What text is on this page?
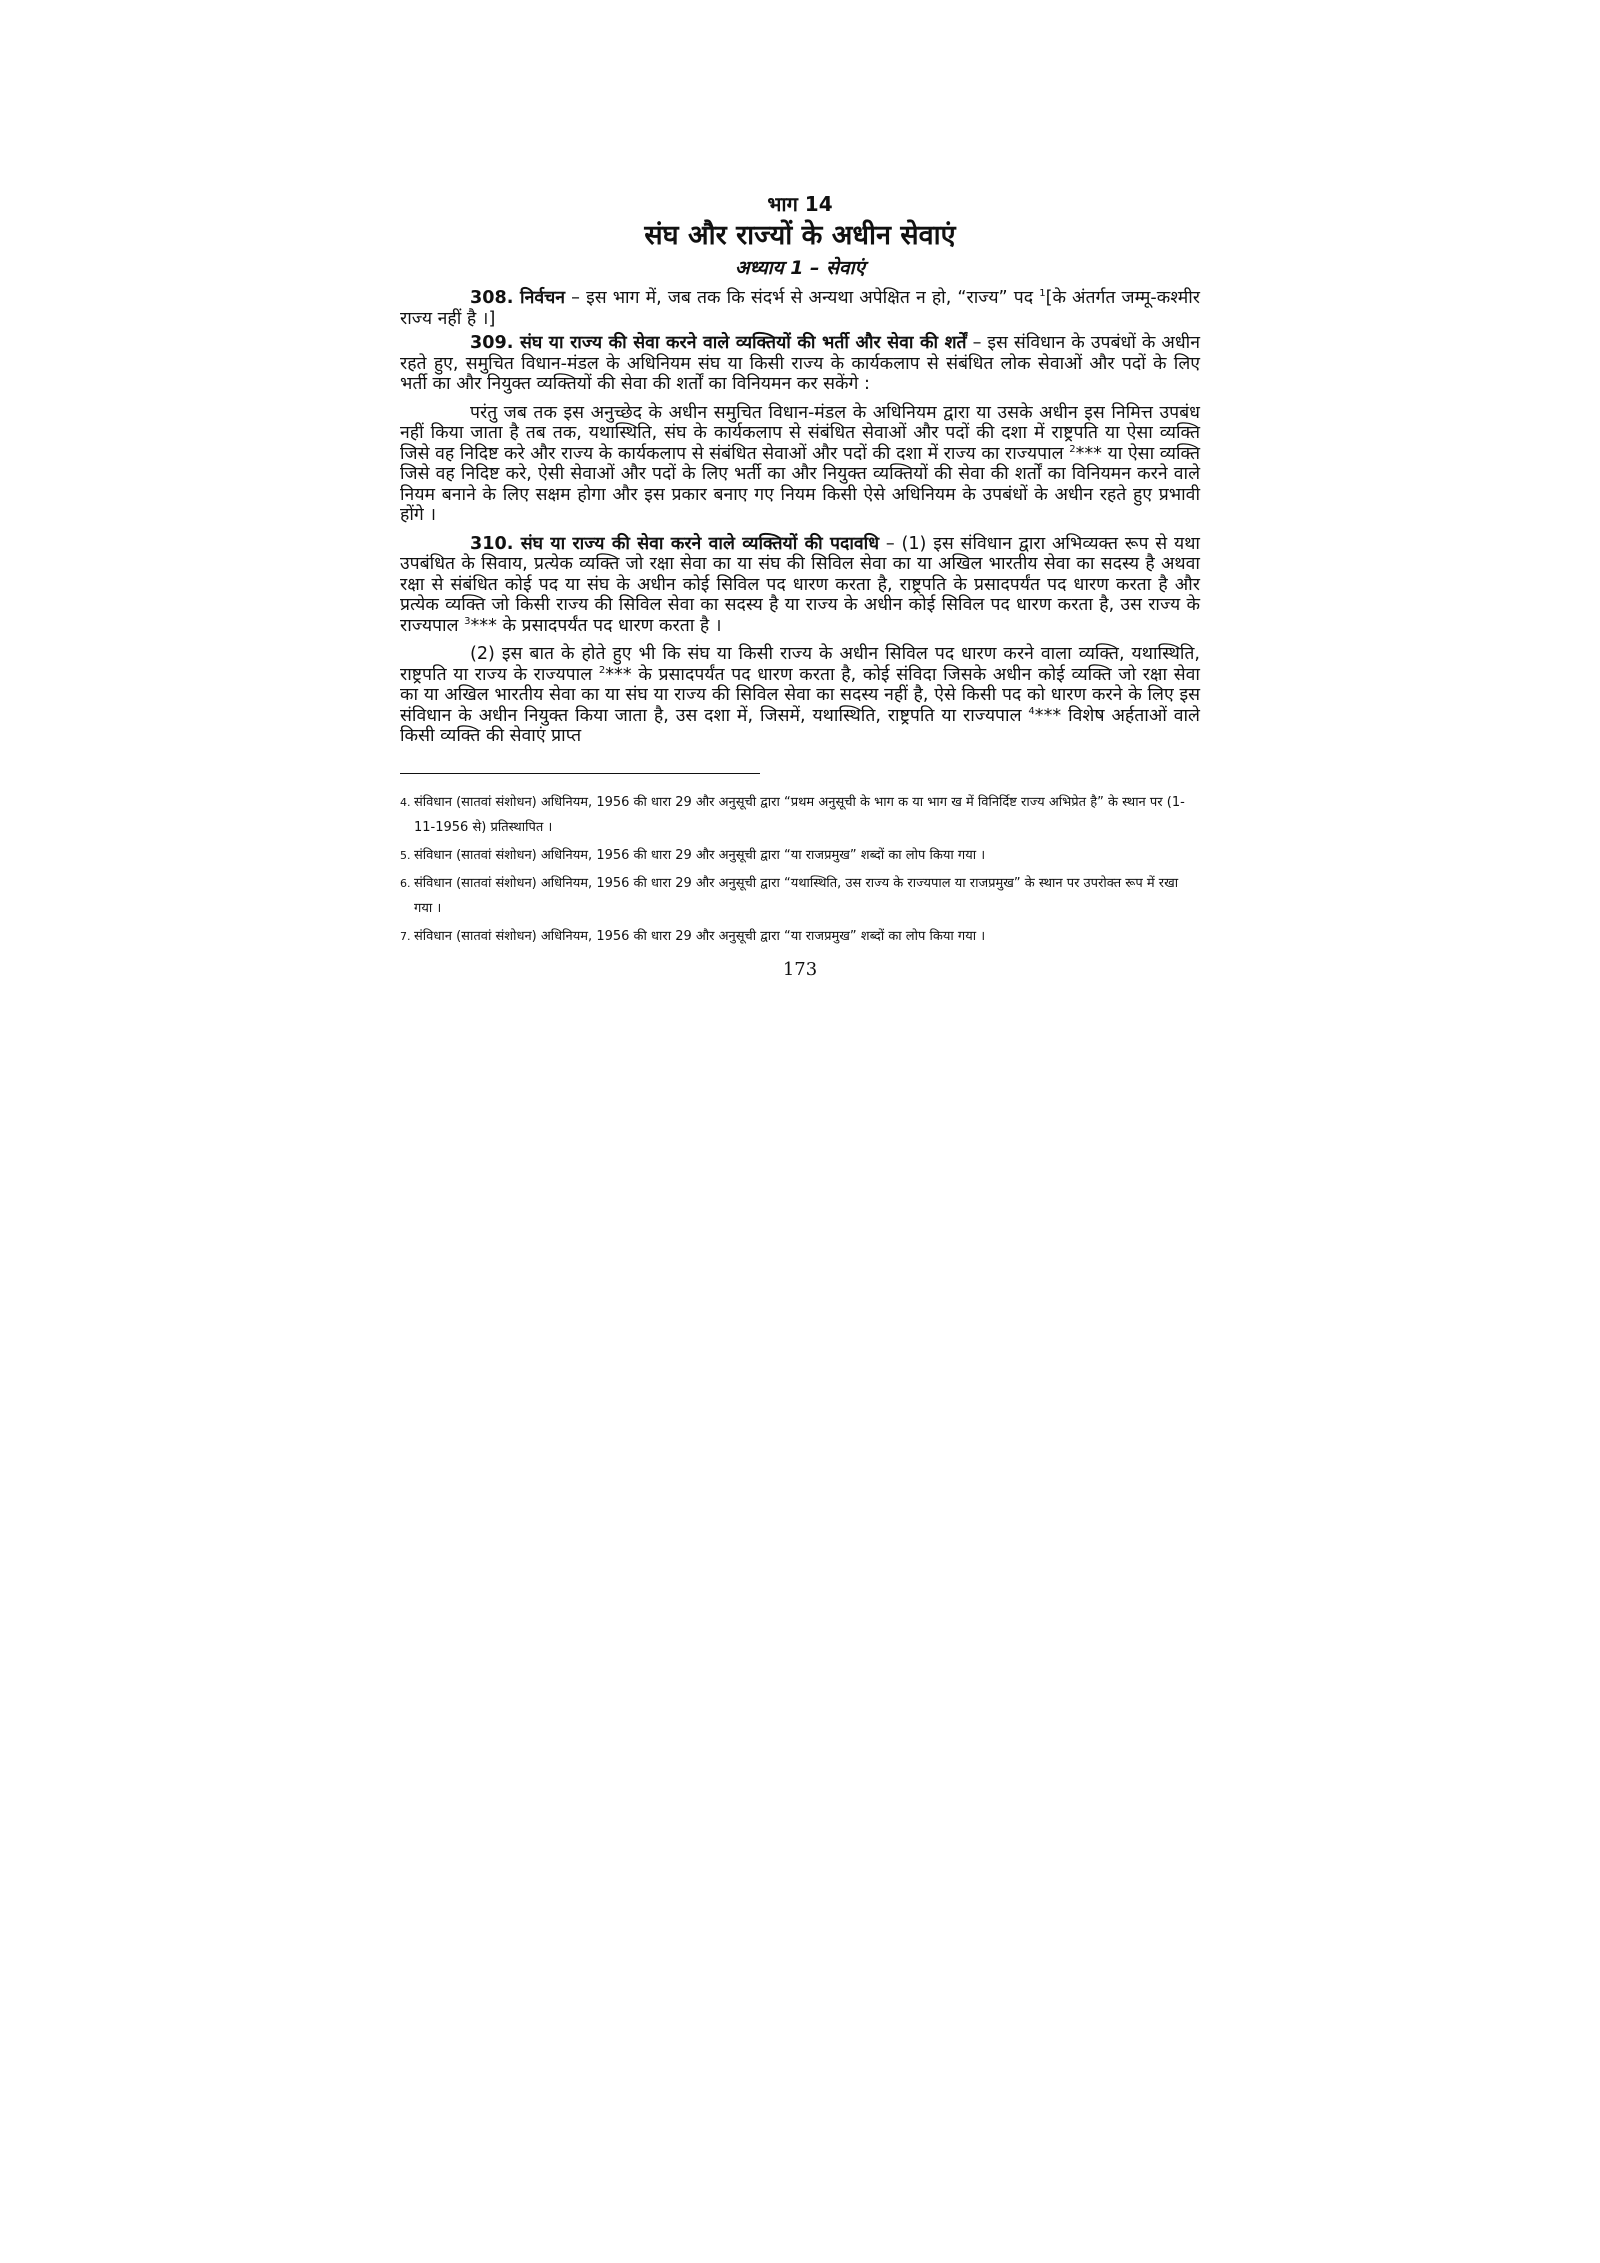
भाग 14

संघ और राज्यों के अधीन सेवाएं

अध्याय 1 – सेवाएं

308. निर्वचन – इस भाग में, जब तक कि संदर्भ से अन्यथा अपेक्षित न हो, “राज्य” पद $^1$[के अंतर्गत जम्मू-कश्मीर राज्य नहीं है ।]

309. संघ या राज्य की सेवा करने वाले व्यक्तियों की भर्ती और सेवा की शर्तें – इस संविधान के उपबंधों के अधीन रहते हुए, समुचित विधान-मंडल के अधिनियम संघ या किसी राज्य के कार्यकलाप से संबंधित लोक सेवाओं और पदों के लिए भर्ती का और नियुक्त व्यक्तियों की सेवा की शर्तों का विनियमन कर सकेंगे :

परंतु जब तक इस अनुच्छेद के अधीन समुचित विधान-मंडल के अधिनियम द्वारा या उसके अधीन इस निमित्त उपबंध नहीं किया जाता है तब तक, यथास्थिति, संघ के कार्यकलाप से संबंधित सेवाओं और पदों की दशा में राष्ट्रपति या ऐसा व्यक्ति जिसे वह निदिष्ट करे और राज्य के कार्यकलाप से संबंधित सेवाओं और पदों की दशा में राज्य का राज्यपाल $^2$*** या ऐसा व्यक्ति जिसे वह निदिष्ट करे, ऐसी सेवाओं और पदों के लिए भर्ती का और नियुक्त व्यक्तियों की सेवा की शर्तों का विनियमन करने वाले नियम बनाने के लिए सक्षम होगा और इस प्रकार बनाए गए नियम किसी ऐसे अधिनियम के उपबंधों के अधीन रहते हुए प्रभावी होंगे ।

310. संघ या राज्य की सेवा करने वाले व्यक्तियों की पदावधि – (1) इस संविधान द्वारा अभिव्यक्त रूप से यथा उपबंधित के सिवाय, प्रत्येक व्यक्ति जो रक्षा सेवा का या संघ की सिविल सेवा का या अखिल भारतीय सेवा का सदस्य है अथवा रक्षा से संबंधित कोई पद या संघ के अधीन कोई सिविल पद धारण करता है, राष्ट्रपति के प्रसादपर्यंत पद धारण करता है और प्रत्येक व्यक्ति जो किसी राज्य की सिविल सेवा का सदस्य है या राज्य के अधीन कोई सिविल पद धारण करता है, उस राज्य के राज्यपाल $^3$*** के प्रसादपर्यंत पद धारण करता है ।

(2) इस बात के होते हुए भी कि संघ या किसी राज्य के अधीन सिविल पद धारण करने वाला व्यक्ति, यथास्थिति, राष्ट्रपति या राज्य के राज्यपाल $^2$*** के प्रसादपर्यंत पद धारण करता है, कोई संविदा जिसके अधीन कोई व्यक्ति जो रक्षा सेवा का या अखिल भारतीय सेवा का या संघ या राज्य की सिविल सेवा का सदस्य नहीं है, ऐसे किसी पद को धारण करने के लिए इस संविधान के अधीन नियुक्त किया जाता है, उस दशा में, जिसमें, यथास्थिति, राष्ट्रपति या राज्यपाल $^4$*** विशेष अर्हताओं वाले किसी व्यक्ति की सेवाएं प्राप्त

4. संविधान (सातवां संशोधन) अधिनियम, 1956 की धारा 29 और अनुसूची द्वारा “प्रथम अनुसूची के भाग क या भाग ख में विनिर्दिष्ट राज्य अभिप्रेत है” के स्थान पर (1-11-1956 से) प्रतिस्थापित ।

5. संविधान (सातवां संशोधन) अधिनियम, 1956 की धारा 29 और अनुसूची द्वारा “या राजप्रमुख” शब्दों का लोप किया गया ।

6. संविधान (सातवां संशोधन) अधिनियम, 1956 की धारा 29 और अनुसूची द्वारा “यथास्थिति, उस राज्य के राज्यपाल या राजप्रमुख” के स्थान पर उपरोक्त रूप में रखा गया ।

7. संविधान (सातवां संशोधन) अधिनियम, 1956 की धारा 29 और अनुसूची द्वारा “या राजप्रमुख” शब्दों का लोप किया गया ।

173
